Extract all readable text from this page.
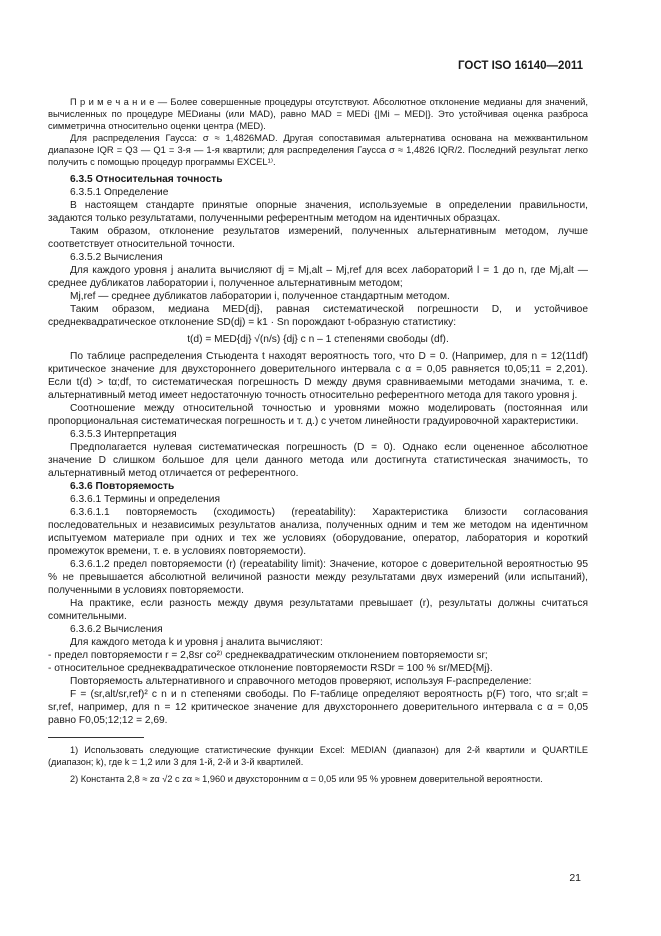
ГОСТ ISO 16140—2011

П р и м е ч а н и е — Более совершенные процедуры отсутствуют. Абсолютное отклонение медианы для значений, вычисленных по процедуре MEDианы (или MAD), равно MAD = MEDi {|Mi – MED|}. Это устойчивая оценка разброса симметрична относительно оценки центра (MED).

Для распределения Гаусса: σ ≈ 1,4826MAD. Другая сопоставимая альтернатива основана на межквантильном диапазоне IQR = Q3 — Q1 = 3-я — 1-я квартили; для распределения Гаусса σ ≈ 1,4826 IQR/2. Последний результат легко получить с помощью процедур программы EXCEL¹⁾.

6.3.5 Относительная точность

6.3.5.1 Определение

В настоящем стандарте принятые опорные значения, используемые в определении правильности, задаются только результатами, полученными референтным методом на идентичных образцах.

Таким образом, отклонение результатов измерений, полученных альтернативным методом, лучше соответствует относительной точности.

6.3.5.2 Вычисления

Для каждого уровня j аналита вычисляют dj = Mj,alt – Mj,ref для всех лабораторий l = 1 до n, где Mj,alt — среднее дубликатов лаборатории i, полученное альтернативным методом;

Mj,ref — среднее дубликатов лаборатории i, полученное стандартным методом.

Таким образом, медиана MED{dj}, равная систематической погрешности D, и устойчивое среднеквадратическое отклонение SD(dj) = k1 · Sn порождают t-образную статистику:

t(d) = MED{dj} √(n/s) {dj} с n – 1 степенями свободы (df).

По таблице распределения Стьюдента t находят вероятность того, что D = 0. (Например, для n = 12(11df) критическое значение для двухстороннего доверительного интервала с α = 0,05 равняется t0,05;11 = 2,201). Если t(d) > tα;df, то систематическая погрешность D между двумя сравниваемыми методами значима, т. е. альтернативный метод имеет недостаточную точность относительно референтного метода для такого уровня j.

Соотношение между относительной точностью и уровнями можно моделировать (постоянная или пропорциональная систематическая погрешность и т. д.) с учетом линейности градуировочной характеристики.

6.3.5.3 Интерпретация

Предполагается нулевая систематическая погрешность (D = 0). Однако если оцененное абсолютное значение D слишком большое для цели данного метода или достигнута статистическая значимость, то альтернативный метод отличается от референтного.

6.3.6 Повторяемость

6.3.6.1 Термины и определения

6.3.6.1.1 повторяемость (сходимость) (repeatability): Характеристика близости согласования последовательных и независимых результатов анализа, полученных одним и тем же методом на идентичном испытуемом материале при одних и тех же условиях (оборудование, оператор, лаборатория и короткий промежуток времени, т. е. в условиях повторяемости).

6.3.6.1.2 предел повторяемости (r) (repeatability limit): Значение, которое с доверительной вероятностью 95 % не превышается абсолютной величиной разности между результатами двух измерений (или испытаний), полученными в условиях повторяемости.

На практике, если разность между двумя результатами превышает (r), результаты должны считаться сомнительными.

6.3.6.2 Вычисления

Для каждого метода k и уровня j аналита вычисляют:

- предел повторяемости r = 2,8sr со²⁾ среднеквадратическим отклонением повторяемости sr;

- относительное среднеквадратическое отклонение повторяемости RSDr = 100 % sr/MED{Mj}.

Повторяемость альтернативного и справочного методов проверяют, используя F-распределение:

F = (sr,alt/sr,ref)² с n и n степенями свободы. По F-таблице определяют вероятность p(F) того, что sr;alt = sr,ref, например, для n = 12 критическое значение для двухстороннего доверительного интервала с α = 0,05 равно F0,05;12;12 = 2,69.

1) Использовать следующие статистические функции Excel: MEDIAN (диапазон) для 2-й квартили и QUARTILE (диапазон; k), где k = 1,2 или 3 для 1-й, 2-й и 3-й квартилей.

2) Константа 2,8 ≈ zα √2 с zα ≈ 1,960 и двухсторонним α = 0,05 или 95 % уровнем доверительной вероятности.

21
